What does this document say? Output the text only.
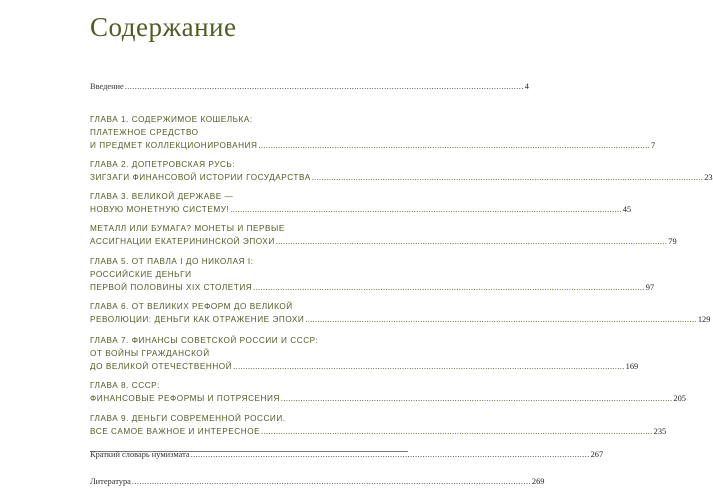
Содержание
Введение ................................................................................................................................................................ 4
ГЛАВА 1. СОДЕРЖИМОЕ КОШЕЛЬКА:
ПЛАТЕЖНОЕ СРЕДСТВО
И ПРЕДМЕТ КОЛЛЕКЦИОНИРОВАНИЯ ................................................................................................................................................................ 7
ГЛАВА 2. ДОПЕТРОВСКАЯ РУСЬ:
ЗИГЗАГИ ФИНАНСОВОЙ ИСТОРИИ ГОСУДАРСТВА ................................................................................................................................................................ 23
ГЛАВА 3. ВЕЛИКОЙ ДЕРЖАВЕ —
НОВУЮ МОНЕТНУЮ СИСТЕМУ! ................................................................................................................................................................ 45
МЕТАЛЛ ИЛИ БУМАГА? МОНЕТЫ И ПЕРВЫЕ
АССИГНАЦИИ ЕКАТЕРИНИНСКОЙ ЭПОХИ ................................................................................................................................................................ 79
ГЛАВА 5. ОТ ПАВЛА I ДО НИКОЛАЯ I:
РОССИЙСКИЕ ДЕНЬГИ
ПЕРВОЙ ПОЛОВИНЫ XIX СТОЛЕТИЯ ................................................................................................................................................................ 97
ГЛАВА 6. ОТ ВЕЛИКИХ РЕФОРМ ДО ВЕЛИКОЙ
РЕВОЛЮЦИИ: ДЕНЬГИ КАК ОТРАЖЕНИЕ ЭПОХИ ................................................................................................................................................................ 129
ГЛАВА 7. ФИНАНСЫ СОВЕТСКОЙ РОССИИ И СССР:
ОТ ВОЙНЫ ГРАЖДАНСКОЙ
ДО ВЕЛИКОЙ ОТЕЧЕСТВЕННОЙ ................................................................................................................................................................ 169
ГЛАВА 8. СССР:
ФИНАНСОВЫЕ РЕФОРМЫ И ПОТРЯСЕНИЯ ................................................................................................................................................................ 205
ГЛАВА 9. ДЕНЬГИ СОВРЕМЕННОЙ РОССИИ.
ВСЕ САМОЕ ВАЖНОЕ И ИНТЕРЕСНОЕ ................................................................................................................................................................ 235
Краткий словарь нумизмата ................................................................................................................................................................ 267
Литература ................................................................................................................................................................ 269
